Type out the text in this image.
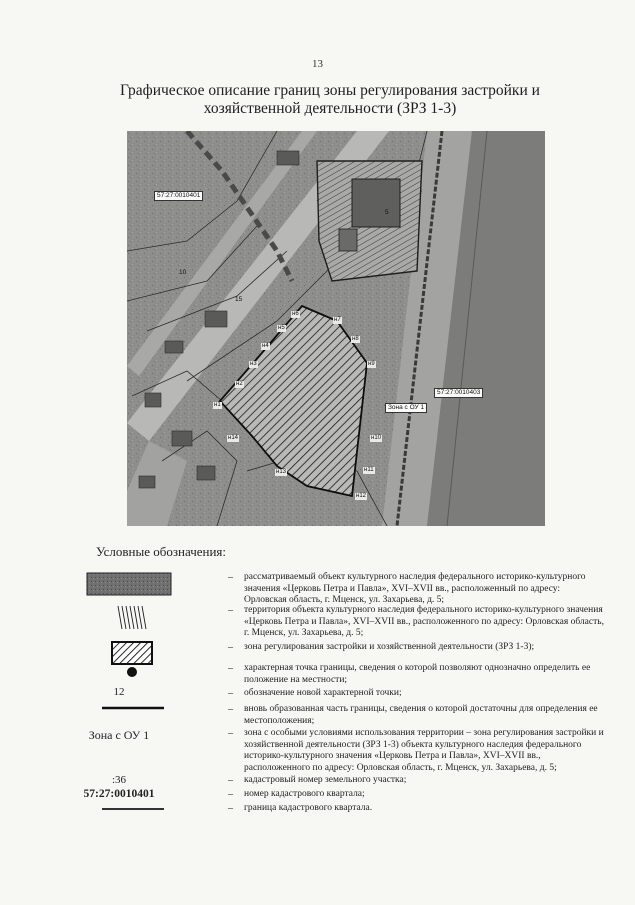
13
Графическое описание границ зоны регулирования застройки и
хозяйственной деятельности (ЗРЗ 1-3)
57:27:0010401
57:27:0010403
Зона с ОУ 1
10
15
5
н1
н2
н3
н4
н5
н6
н7
н8
н9
н10
н11
н12
н13
н14
Условные обозначения:
– рассматриваемый объект культурного наследия федерального историко-культурного значения «Церковь Петра и Павла», XVI–XVII вв., расположенный по адресу: Орловская область, г. Мценск, ул. Захарьева, д. 5;
– территория объекта культурного наследия федерального историко-культурного значения «Церковь Петра и Павла», XVI–XVII вв., расположенного по адресу: Орловская область, г. Мценск, ул. Захарьева, д. 5;
– зона регулирования застройки и хозяйственной деятельности (ЗРЗ 1-3);
– характерная точка границы, сведения о которой позволяют однозначно определить ее положение на местности;
12	– обозначение новой характерной точки;
– вновь образованная часть границы, сведения о которой достаточны для определения ее местоположения;
Зона с ОУ 1	– зона с особыми условиями использования территории – зона регулирования застройки и хозяйственной деятельности (ЗРЗ 1-3) объекта культурного наследия федерального историко-культурного значения «Церковь Петра и Павла», XVI–XVII вв., расположенного по адресу: Орловская область, г. Мценск, ул. Захарьева, д. 5;
:36	– кадастровый номер земельного участка;
57:27:0010401	– номер кадастрового квартала;
– граница кадастрового квартала.
